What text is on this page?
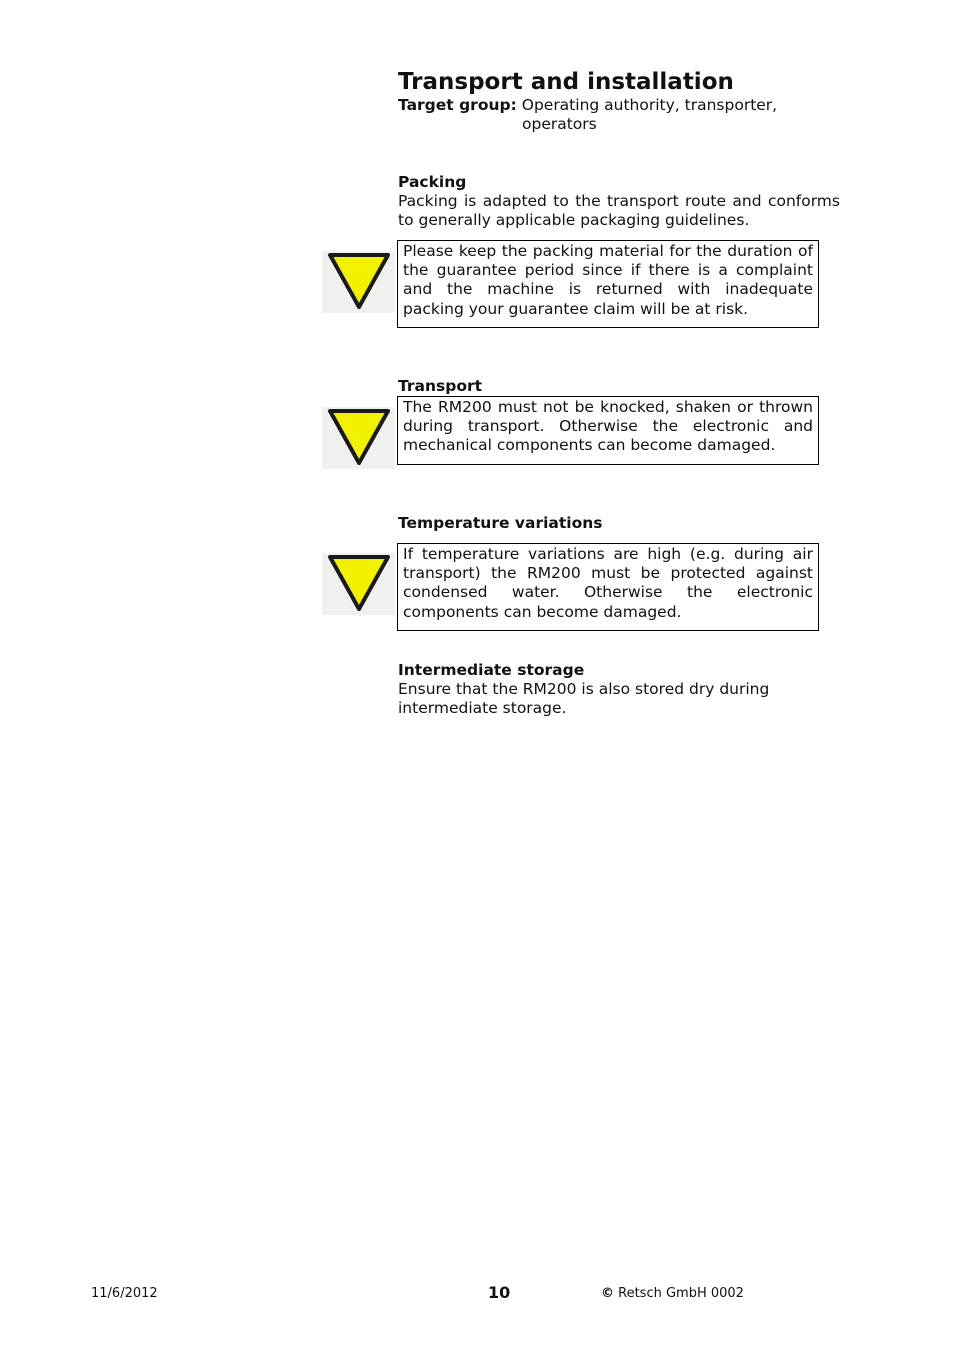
Transport and installation
Target group: Operating authority, transporter,
operators
Packing

Packing is adapted to the transport route and conforms to generally applicable packaging guidelines.

Please keep the packing material for the duration of the guarantee period since if there is a complaint and the machine is returned with inadequate packing your guarantee claim will be at risk.
Transport
The RM200 must not be knocked, shaken or thrown during transport. Otherwise the electronic and mechanical components can become damaged.
Temperature variations
If temperature variations are high (e.g. during air transport) the RM200 must be protected against condensed water. Otherwise the electronic components can become damaged.
Intermediate storage

Ensure that the RM200 is also stored dry during intermediate storage.

11/6/2012	10	© Retsch GmbH 0002
